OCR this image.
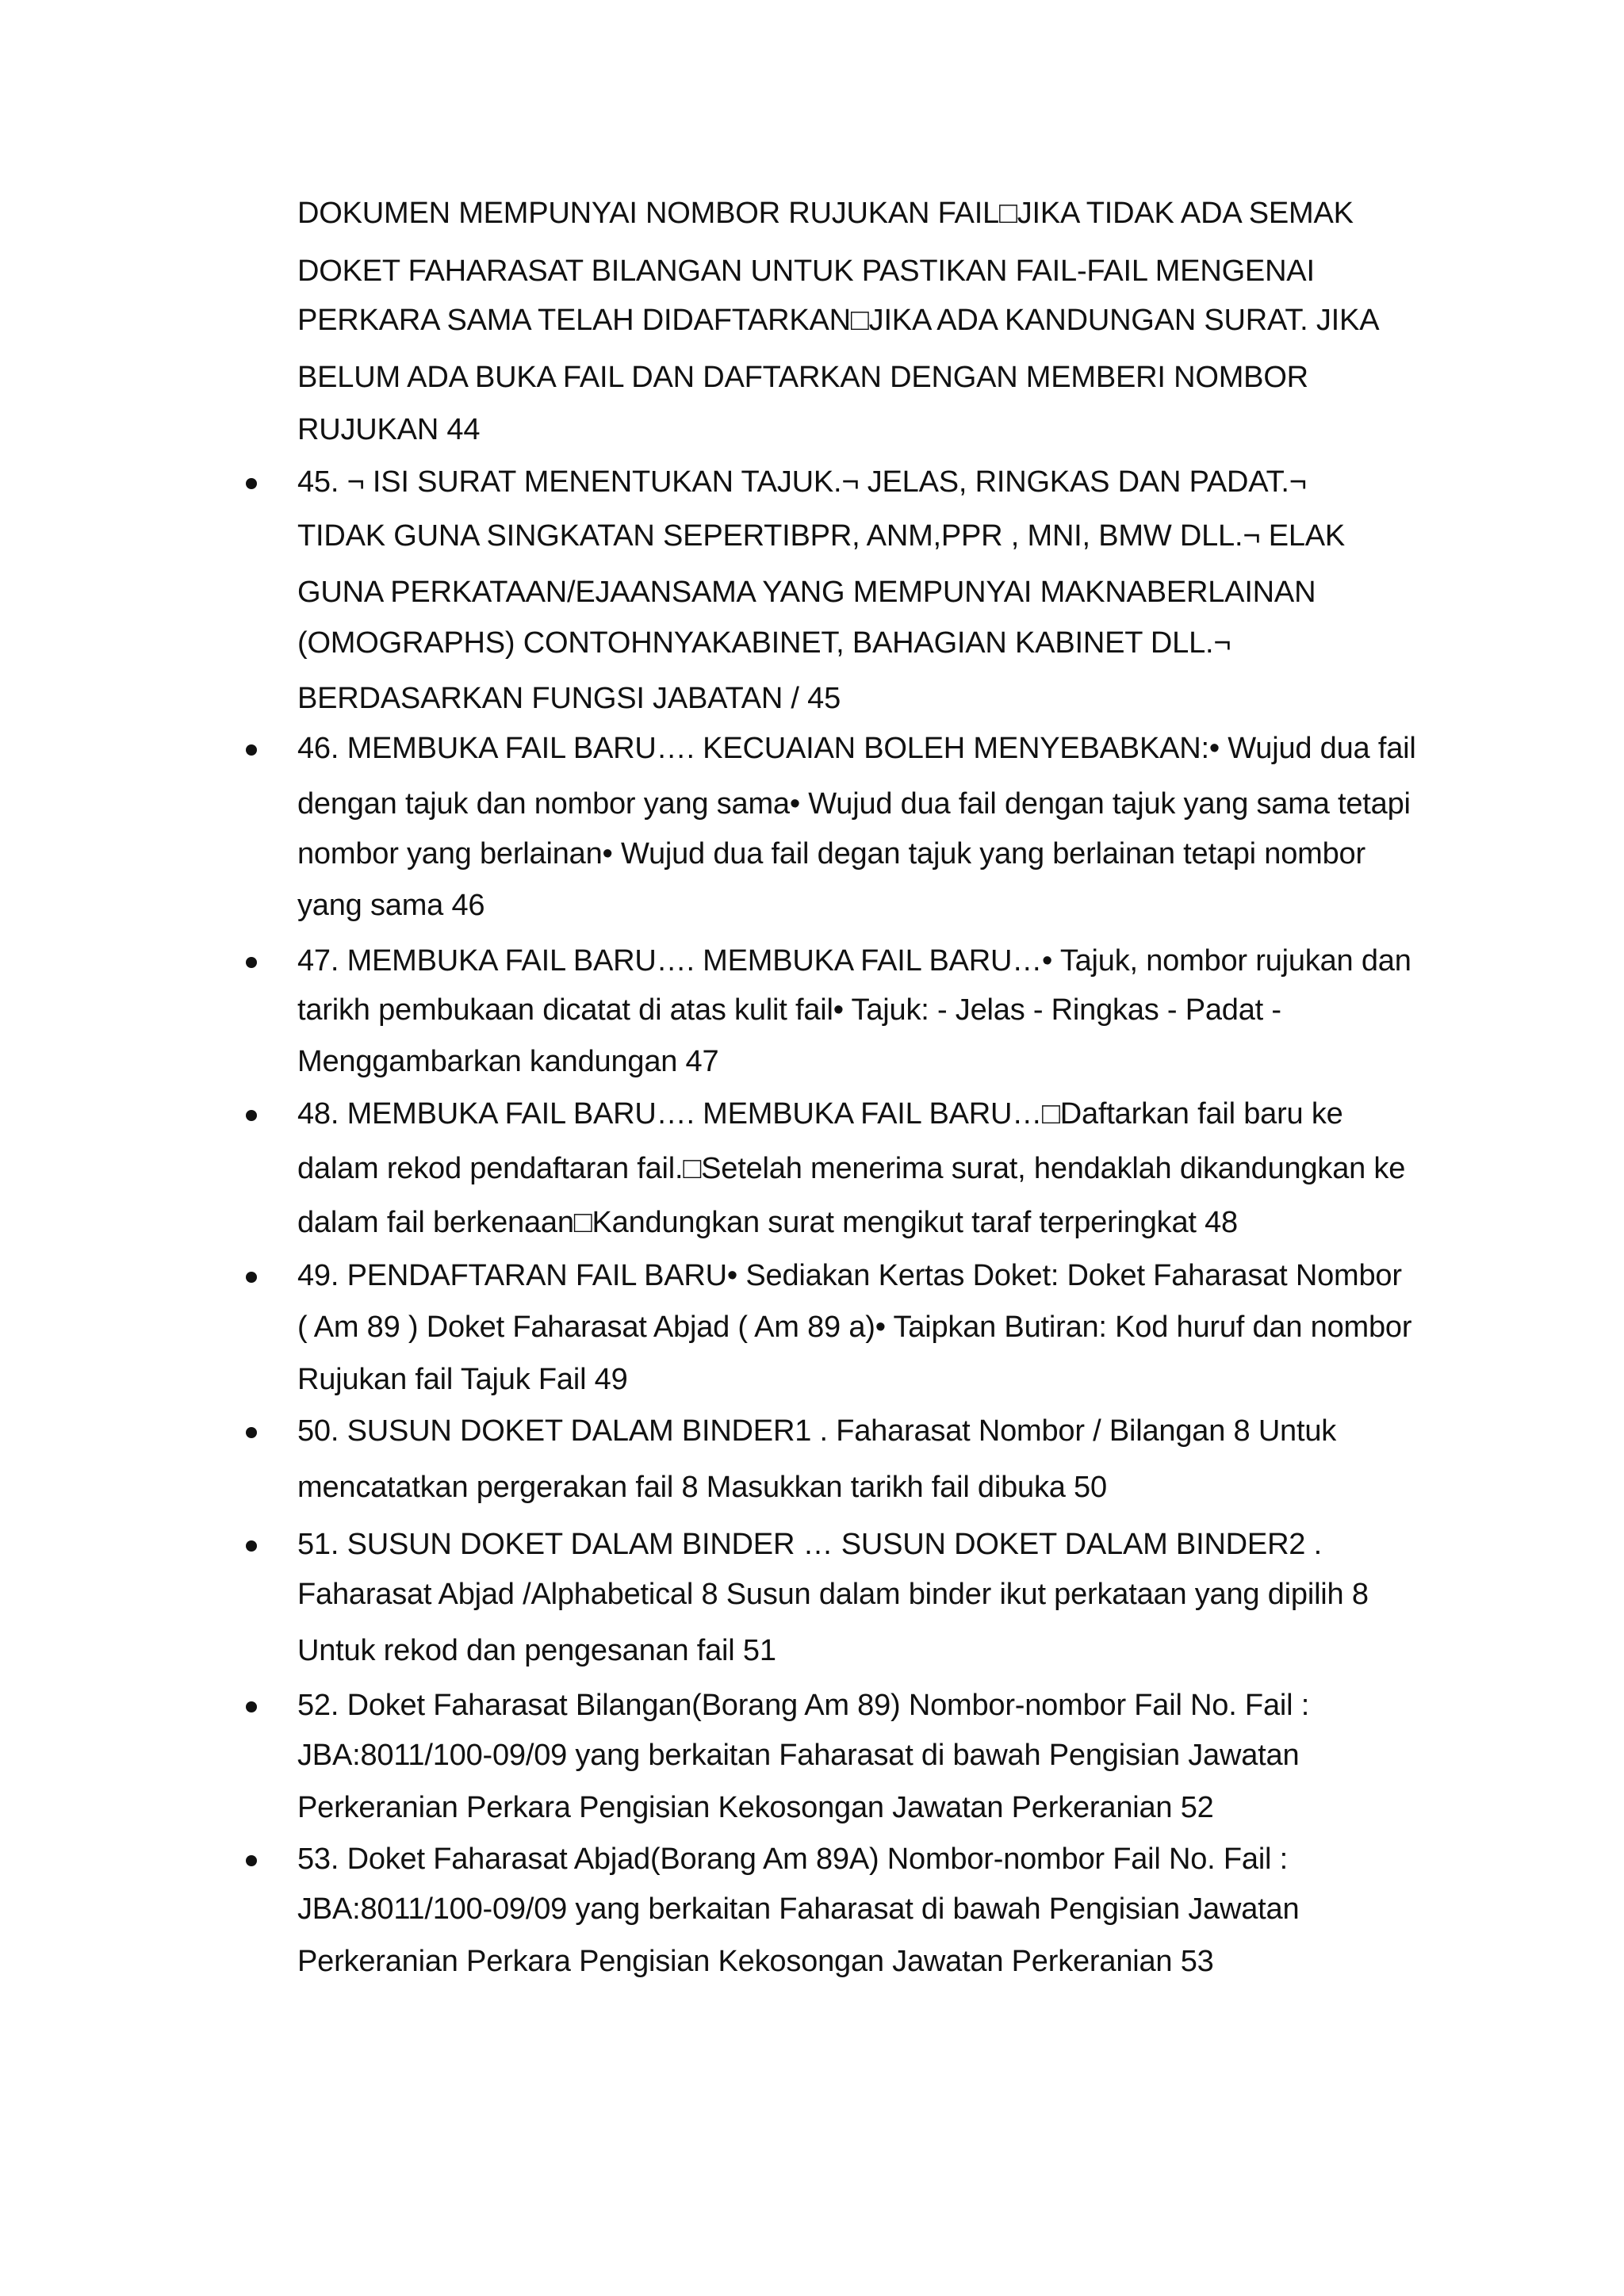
DOKUMEN MEMPUNYAI NOMBOR RUJUKAN FAIL□JIKA TIDAK ADA SEMAK
DOKET FAHARASAT BILANGAN UNTUK PASTIKAN FAIL-FAIL MENGENAI
PERKARA SAMA TELAH DIDAFTARKAN□JIKA ADA KANDUNGAN SURAT. JIKA
BELUM ADA BUKA FAIL DAN DAFTARKAN DENGAN MEMBERI NOMBOR
RUJUKAN 44
45. ¬ ISI SURAT MENENTUKAN TAJUK.¬ JELAS, RINGKAS DAN PADAT.¬
TIDAK GUNA SINGKATAN SEPERTIBPR, ANM,PPR , MNI, BMW DLL.¬ ELAK
GUNA PERKATAAN/EJAANSAMA YANG MEMPUNYAI MAKNABERLAINAN
(OMOGRAPHS) CONTOHNYAKABINET, BAHAGIAN KABINET DLL.¬
BERDASARKAN FUNGSI JABATAN / 45
46. MEMBUKA FAIL BARU…. KECUAIAN BOLEH MENYEBABKAN:• Wujud dua fail
dengan tajuk dan nombor yang sama• Wujud dua fail dengan tajuk yang sama tetapi
nombor yang berlainan• Wujud dua fail degan tajuk yang berlainan tetapi nombor
yang sama 46
47. MEMBUKA FAIL BARU…. MEMBUKA FAIL BARU…• Tajuk, nombor rujukan dan
tarikh pembukaan dicatat di atas kulit fail• Tajuk: - Jelas - Ringkas - Padat -
Menggambarkan kandungan 47
48. MEMBUKA FAIL BARU…. MEMBUKA FAIL BARU…□Daftarkan fail baru ke
dalam rekod pendaftaran fail.□Setelah menerima surat, hendaklah dikandungkan ke
dalam fail berkenaan□Kandungkan surat mengikut taraf terperingkat 48
49. PENDAFTARAN FAIL BARU• Sediakan Kertas Doket: Doket Faharasat Nombor
( Am 89 ) Doket Faharasat Abjad ( Am 89 a)• Taipkan Butiran: Kod huruf dan nombor
Rujukan fail Tajuk Fail 49
50. SUSUN DOKET DALAM BINDER1 . Faharasat Nombor / Bilangan 8 Untuk
mencatatkan pergerakan fail 8 Masukkan tarikh fail dibuka 50
51. SUSUN DOKET DALAM BINDER … SUSUN DOKET DALAM BINDER2 .
Faharasat Abjad /Alphabetical 8 Susun dalam binder ikut perkataan yang dipilih 8
Untuk rekod dan pengesanan fail 51
52. Doket Faharasat Bilangan(Borang Am 89) Nombor-nombor Fail No. Fail :
JBA:8011/100-09/09 yang berkaitan Faharasat di bawah Pengisian Jawatan
Perkeranian Perkara Pengisian Kekosongan Jawatan Perkeranian 52
53. Doket Faharasat Abjad(Borang Am 89A) Nombor-nombor Fail No. Fail :
JBA:8011/100-09/09 yang berkaitan Faharasat di bawah Pengisian Jawatan
Perkeranian Perkara Pengisian Kekosongan Jawatan Perkeranian 53
